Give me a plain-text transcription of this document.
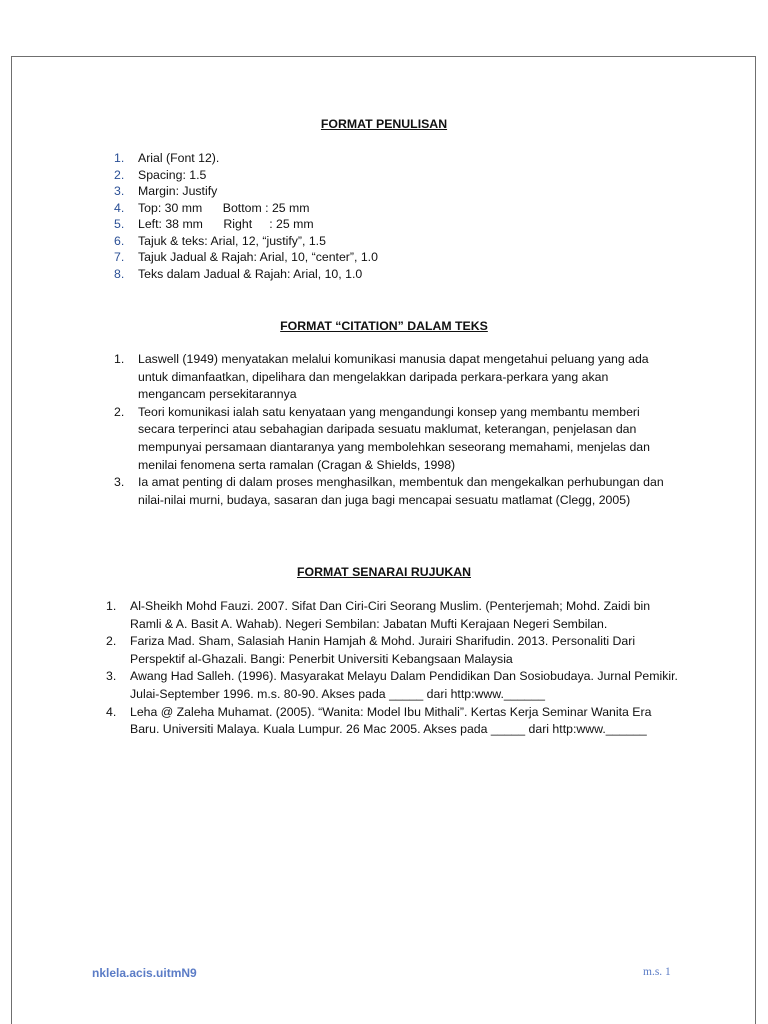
FORMAT PENULISAN
1. Arial (Font 12).
2. Spacing: 1.5
3. Margin: Justify
4. Top: 30 mm      Bottom : 25 mm
5. Left: 38 mm      Right     : 25 mm
6. Tajuk & teks: Arial, 12, “justify”, 1.5
7. Tajuk Jadual & Rajah: Arial, 10, “center”, 1.0
8. Teks dalam Jadual & Rajah: Arial, 10, 1.0
FORMAT “CITATION” DALAM TEKS
1. Laswell (1949) menyatakan melalui komunikasi manusia dapat mengetahui peluang yang ada untuk dimanfaatkan, dipelihara dan mengelakkan daripada perkara-perkara yang akan mengancam persekitarannya
2. Teori komunikasi ialah satu kenyataan yang mengandungi konsep yang membantu memberi secara terperinci atau sebahagian daripada sesuatu maklumat, keterangan, penjelasan dan mempunyai persamaan diantaranya yang membolehkan seseorang memahami, menjelas dan menilai fenomena serta ramalan (Cragan & Shields, 1998)
3. Ia amat penting di dalam proses menghasilkan, membentuk dan mengekalkan perhubungan dan nilai-nilai murni, budaya, sasaran dan juga bagi mencapai sesuatu matlamat (Clegg, 2005)
FORMAT SENARAI RUJUKAN
1. Al-Sheikh Mohd Fauzi. 2007. Sifat Dan Ciri-Ciri Seorang Muslim. (Penterjemah; Mohd. Zaidi bin Ramli & A. Basit A. Wahab). Negeri Sembilan: Jabatan Mufti Kerajaan Negeri Sembilan.
2. Fariza Mad. Sham, Salasiah Hanin Hamjah & Mohd. Jurairi Sharifudin. 2013. Personaliti Dari Perspektif al-Ghazali. Bangi: Penerbit Universiti Kebangsaan Malaysia
3. Awang Had Salleh. (1996). Masyarakat Melayu Dalam Pendidikan Dan Sosiobudaya. Jurnal Pemikir. Julai-September 1996. m.s. 80-90. Akses pada _____ dari http:www.______
4. Leha @ Zaleha Muhamat. (2005). “Wanita: Model Ibu Mithali”. Kertas Kerja Seminar Wanita Era Baru. Universiti Malaya. Kuala Lumpur. 26 Mac 2005. Akses pada _____ dari http:www.______
nklela.acis.uitmN9	m.s. 1
